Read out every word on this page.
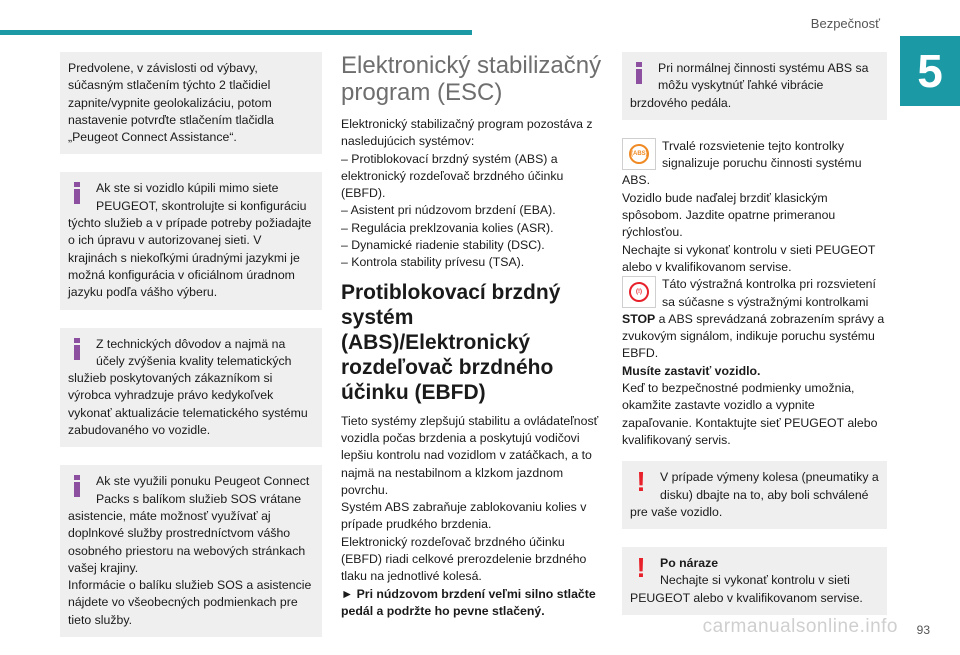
Bezpečnosť
5

Predvolene, v závislosti od výbavy, súčasným stlačením týchto 2 tlačidiel zapnite/vypnite geolokalizáciu, potom nastavenie potvrďte stlačením tlačidla „Peugeot Connect Assistance“.

Ak ste si vozidlo kúpili mimo siete PEUGEOT, skontrolujte si konfiguráciu týchto služieb a v prípade potreby požiadajte o ich úpravu v autorizovanej sieti. V krajinách s niekoľkými úradnými jazykmi je možná konfigurácia v oficiálnom úradnom jazyku podľa vášho výberu.

Z technických dôvodov a najmä na účely zvýšenia kvality telematických služieb poskytovaných zákazníkom si výrobca vyhradzuje právo kedykoľvek vykonať aktualizácie telematického systému zabudovaného vo vozidle.

Ak ste využili ponuku Peugeot Connect Packs s balíkom služieb SOS vrátane asistencie, máte možnosť využívať aj doplnkové služby prostredníctvom vášho osobného priestoru na webových stránkach vašej krajiny.

Informácie o balíku služieb SOS a asistencie nájdete vo všeobecných podmienkach pre tieto služby.

Elektronický stabilizačný program (ESC)

Elektronický stabilizačný program pozostáva z nasledujúcich systémov:

– Protiblokovací brzdný systém (ABS) a elektronický rozdeľovač brzdného účinku (EBFD).

– Asistent pri núdzovom brzdení (EBA).

– Regulácia preklzovania kolies (ASR).

– Dynamické riadenie stability (DSC).

– Kontrola stability prívesu (TSA).

Protiblokovací brzdný systém (ABS)/Elektronický rozdeľovač brzdného účinku (EBFD)

Tieto systémy zlepšujú stabilitu a ovládateľnosť vozidla počas brzdenia a poskytujú vodičovi lepšiu kontrolu nad vozidlom v zatáčkach, a to najmä na nestabilnom a klzkom jazdnom povrchu.

Systém ABS zabraňuje zablokovaniu kolies v prípade prudkého brzdenia.

Elektronický rozdeľovač brzdného účinku (EBFD) riadi celkové prerozdelenie brzdného tlaku na jednotlivé kolesá.

► Pri núdzovom brzdení veľmi silno stlačte pedál a podržte ho pevne stlačený.

Pri normálnej činnosti systému ABS sa môžu vyskytnúť ľahké vibrácie brzdového pedála.

(ABS)

Trvalé rozsvietenie tejto kontrolky signalizuje poruchu činnosti systému ABS.

Vozidlo bude naďalej brzdiť klasickým spôsobom. Jazdite opatrne primeranou rýchlosťou.

Nechajte si vykonať kontrolu v sieti PEUGEOT alebo v kvalifikovanom servise.

(!)

Táto výstražná kontrolka pri rozsvietení sa súčasne s výstražnými kontrolkami STOP a ABS sprevádzaná zobrazením správy a zvukovým signálom, indikuje poruchu systému EBFD.

Musíte zastaviť vozidlo.

Keď to bezpečnostné podmienky umožnia, okamžite zastavte vozidlo a vypnite zapaľovanie. Kontaktujte sieť PEUGEOT alebo kvalifikovaný servis.

!	V prípade výmeny kolesa (pneumatiky a disku) dbajte na to, aby boli schválené pre vaše vozidlo.

!	Po náraze

Nechajte si vykonať kontrolu v sieti PEUGEOT alebo v kvalifikovanom servise.

carmanualsonline.info 93
